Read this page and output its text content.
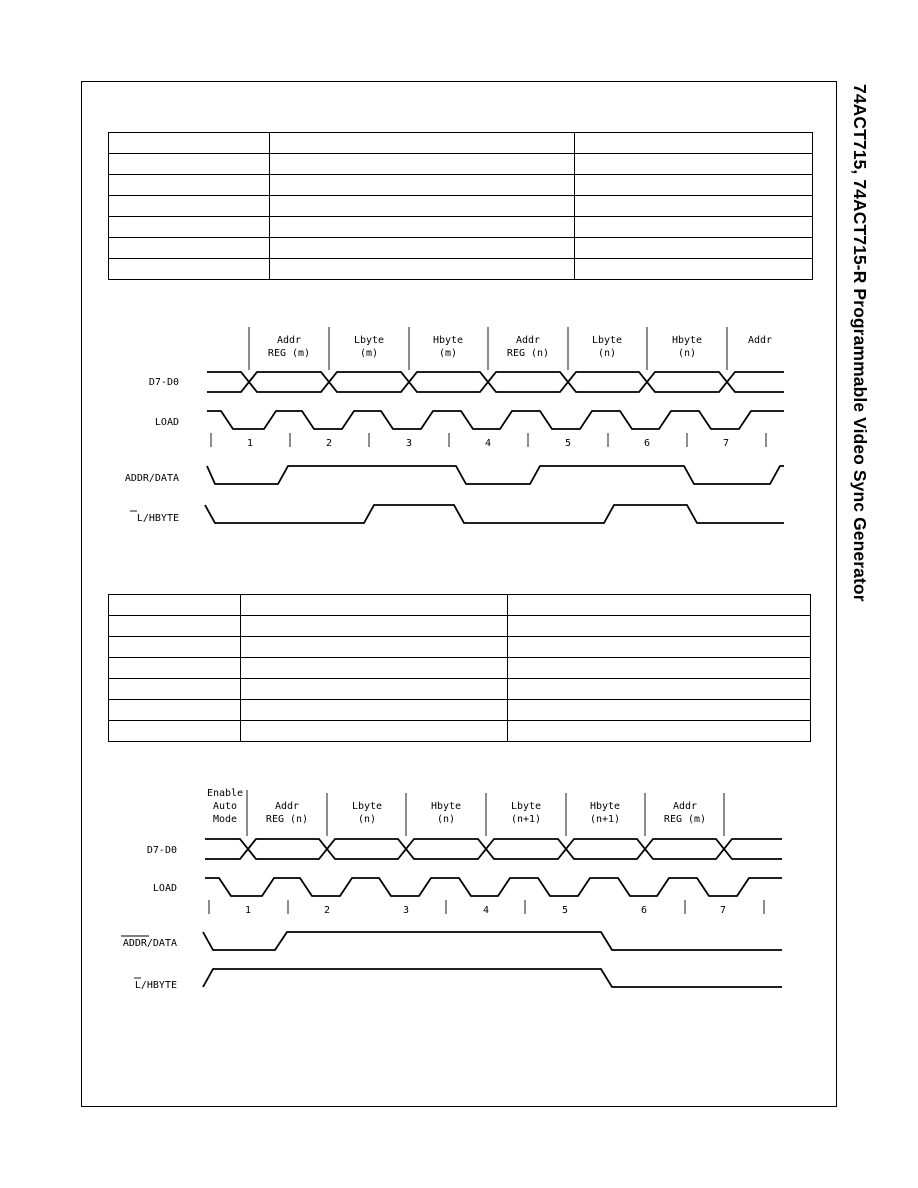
74ACT715, 74ACT715-R Programmable Video Sync Generator

Addr
REG (m)
Lbyte
(m)
Hbyte
(m)
Addr
REG (n)
Lbyte
(n)
Hbyte
(n)
Addr
D7-D0
LOAD
ADDR/DATA
L/HBYTE
1	2	3	4	5	6	7

Enable
Auto
Mode
Addr
REG (n)
Lbyte
(n)
Hbyte
(n)
Lbyte
(n+1)
Hbyte
(n+1)
Addr
REG (m)
D7-D0
LOAD
ADDR/DATA
L/HBYTE
1	2	3	4	5	6	7
